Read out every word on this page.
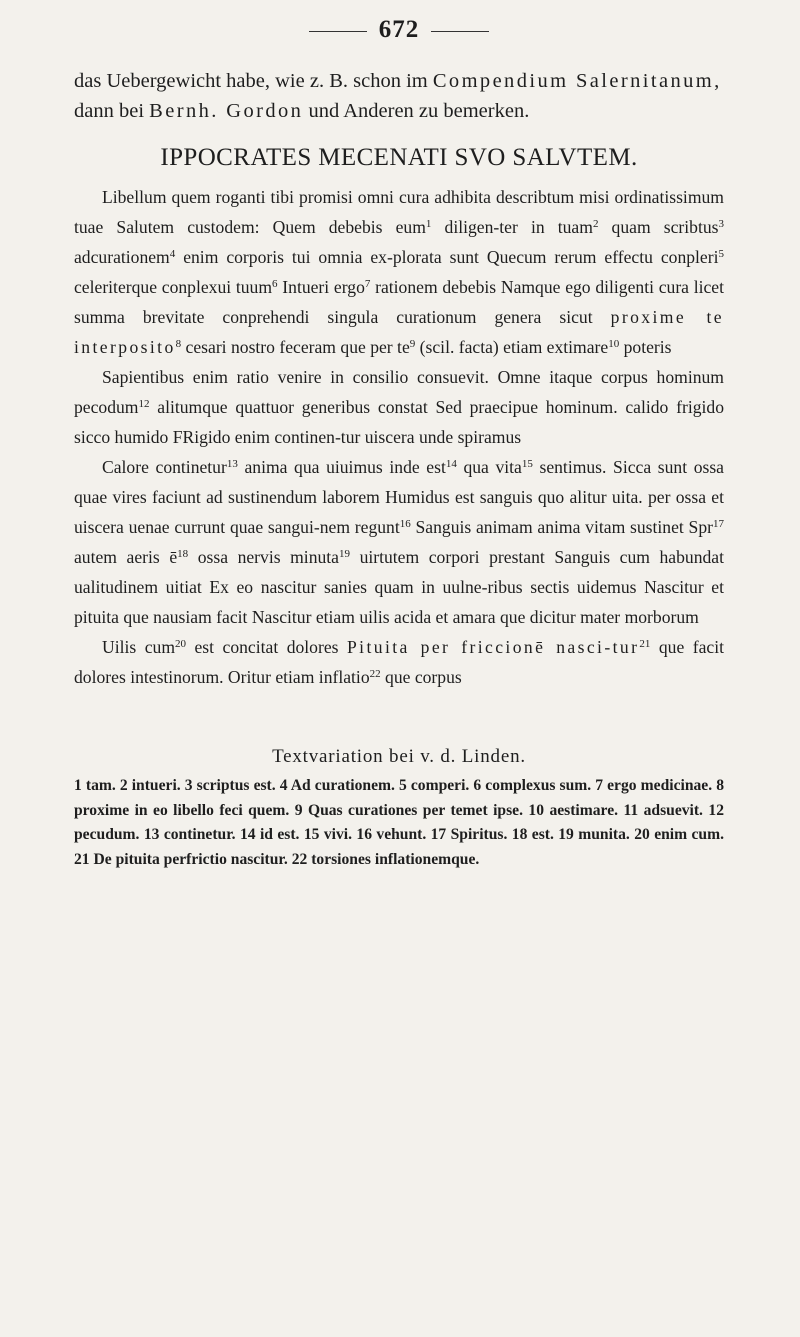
672
das Uebergewicht habe, wie z. B. schon im Compendium Salernitanum, dann bei Bernh. Gordon und Anderen zu bemerken.
IPPOCRATES MECENATI SVO SALVTEM.

Libellum quem roganti tibi promisi omni cura adhibita describtum misi ordinatissimum tuae Salutem custodem: Quem debebis eum$^1$ diligen-ter in tuam$^2$ quam scribtus$^3$ adcurationem$^4$ enim corporis tui omnia ex-plorata sunt Quecum rerum effectu conpleri$^5$ celeriterque conplexui tuum$^6$ Intueri ergo$^7$ rationem debebis Namque ego diligenti cura licet summa brevitate conprehendi singula curationum genera sicut proxime te interposito$^8$ cesari nostro feceram que per $te^9$ (scil. facta) etiam extimare$^{10}$ poteris

Sapientibus enim ratio venire in consilio consuevit. Omne itaque corpus hominum pecodum$^{12}$ alitumque quattuor generibus constat Sed praecipue hominum. calido frigido sicco humido FRigido enim continen-tur uiscera unde spiramus

Calore continetur$^{13}$ anima qua uiuimus inde est$^{14}$ qua vita$^{15}$ sentimus. Sicca sunt ossa quae vires faciunt ad sustinendum laborem Humidus est sanguis quo alitur uita. per ossa et uiscera uenae currunt quae sangui-nem regunt$^{16}$ Sanguis animam anima vitam sustinet Spr$^{17}$ autem aeris $ē^{18}$ ossa nervis minuta$^{19}$ uirtutem corpori prestant Sanguis cum habundat ualitudinem uitiat Ex eo nascitur sanies quam in uulne-ribus sectis uidemus Nascitur et pituita que nausiam facit Nascitur etiam uilis acida et amara que dicitur mater morborum

Uilis cum$^{20}$ est concitat dolores Pituita per friccionē nasci-tur$^{21}$ que facit dolores intestinorum. Oritur etiam inflatio$^{22}$ que corpus

Textvariation bei v. d. Linden.
1 tam. 2 intueri. 3 scriptus est. 4 Ad curationem. 5 comperi. 6 complexus sum. 7 ergo medicinae. 8 proxime in eo libello feci quem. 9 Quas curationes per temet ipse. 10 aestimare. 11 adsuevit. 12 pecudum. 13 continetur. 14 id est. 15 vivi. 16 vehunt. 17 Spiritus. 18 est. 19 munita. 20 enim cum. 21 De pituita perfrictio nascitur. 22 torsiones inflationemque.
